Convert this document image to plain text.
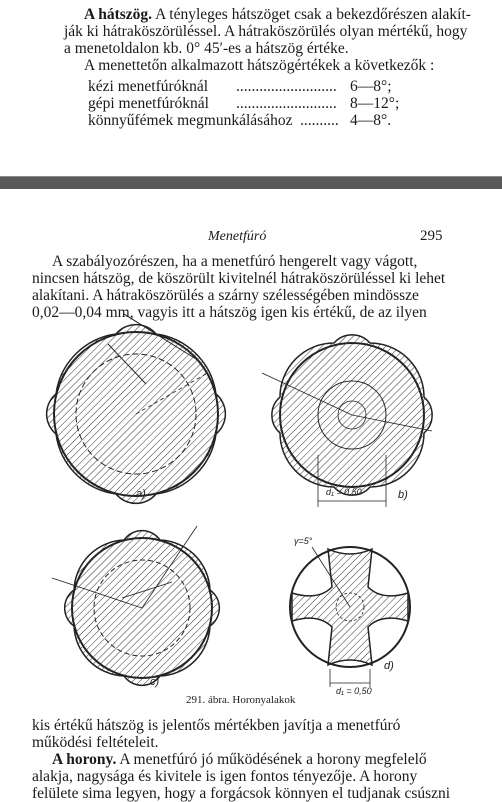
A hátszög. A tényleges hátszöget csak a bekezdőrészen alakít-
ják ki hátraköszörüléssel. A hátraköszörülés olyan mértékű, hogy
a menetoldalon kb. 0° 45′-es a hátszög értéke.
A menettetőn alkalmazott hátszögértékek a következők :
kézi menetfúróknál .......................... 6—8°;
gépi menetfúróknál .......................... 8—12°;
könnyűfémek megmunkálásához .......... 4—8°.
Menetfúró	295
A szabályozórészen, ha a menetfúró hengerelt vagy vágott,
nincsen hátszög, de köszörült kivitelnél hátraköszörüléssel ki lehet
alakítani. A hátraköszörülés a szárny szélességében mindössze
0,02—0,04 mm, vagyis itt a hátszög igen kis értékű, de az ilyen
a)	d₁ = 0,50	b)
c)
γ=5°
d₁ = 0,50
d)
291. ábra. Horonyalakok
kis értékű hátszög is jelentős mértékben javítja a menetfúró
működési feltételeit.
A horony. A menetfúró jó működésének a horony megfelelő
alakja, nagysága és kivitele is igen fontos tényezője. A horony
felülete sima legyen, hogy a forgácsok könnyen el tudjanak csúszni
